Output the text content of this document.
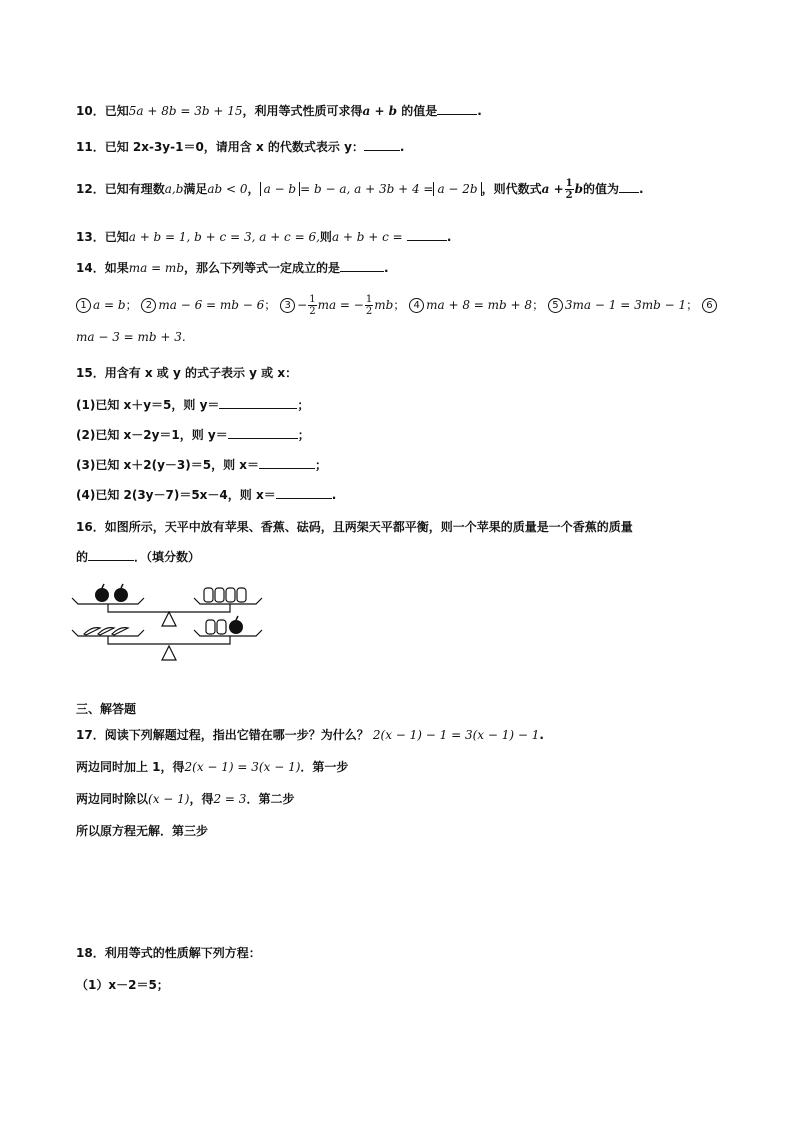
10．已知5a + 8b = 3b + 15，利用等式性质可求得a + b 的值是	.
11．已知 2x-3y-1＝0，请用含 x 的代数式表示 y：	.
12．已知有理数a,b满足ab < 0， a − b = b − a, a + 3b + 4 = a − 2b ，则代数式$a + \frac{1}{2}$ b的值为 .
13．已知a + b = 1, b + c = 3, a + c = 6,则a + b + c =	.
14．如果ma = mb，那么下列等式一定成立的是	.
1 a = b； 2 ma − 6 = mb − 6； $3 - \frac{1}{2}$ ma = − $\frac{1}{2}$ mb； 4 ma + 8 = mb + 8； 5 3ma − 1 = 3mb − 1； 6
ma − 3 = mb + 3.
15．用含有 x 或 y 的式子表示 y 或 x：
(1)已知 x＋y＝5，则 y＝	；
(2)已知 x－2y＝1，则 y＝	；
(3)已知 x＋2(y－3)＝5，则 x＝	；
(4)已知 2(3y－7)＝5x－4，则 x＝	.
16．如图所示，天平中放有苹果、香蕉、砝码，且两架天平都平衡，则一个苹果的质量是一个香蕉的质量
的	．（填分数）
三、解答题
17．阅读下列解题过程，指出它错在哪一步？为什么？ 2(x − 1) − 1 = 3(x − 1) − 1.
两边同时加上 1，得2(x − 1) = 3(x − 1)．第一步
两边同时除以(x − 1)，得2 = 3．第二步
所以原方程无解．第三步
18．利用等式的性质解下列方程：
（1）x－2＝5；
